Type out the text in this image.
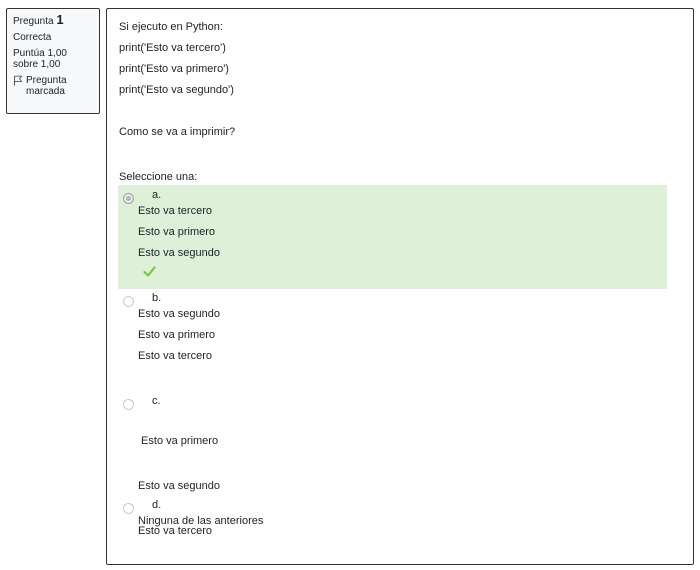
Pregunta 1
Correcta
Puntúa 1,00 sobre 1,00
Pregunta marcada
Si ejecuto en Python:
print('Esto va tercero')
print('Esto va primero')
print('Esto va segundo')
Como se va a imprimir?
Seleccione una:
a.
Esto va tercero
Esto va primero
Esto va segundo
b.
Esto va segundo
Esto va primero
Esto va tercero
c.

Esto va primero

Esto va segundo

Esto va tercero

d.
Ninguna de las anteriores
